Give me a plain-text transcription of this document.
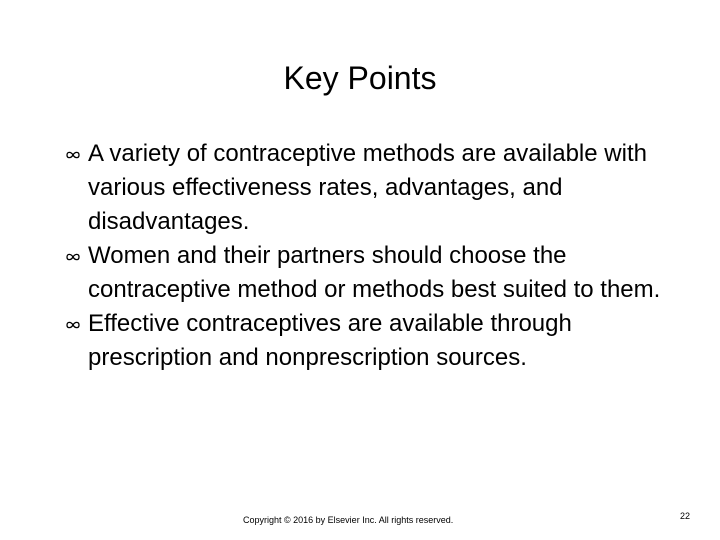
Key Points
A variety of contraceptive methods are available with various effectiveness rates, advantages, and disadvantages.
Women and their partners should choose the contraceptive method or methods best suited to them.
Effective contraceptives are available through prescription and nonprescription sources.
Copyright © 2016 by Elsevier Inc. All rights reserved.	22
